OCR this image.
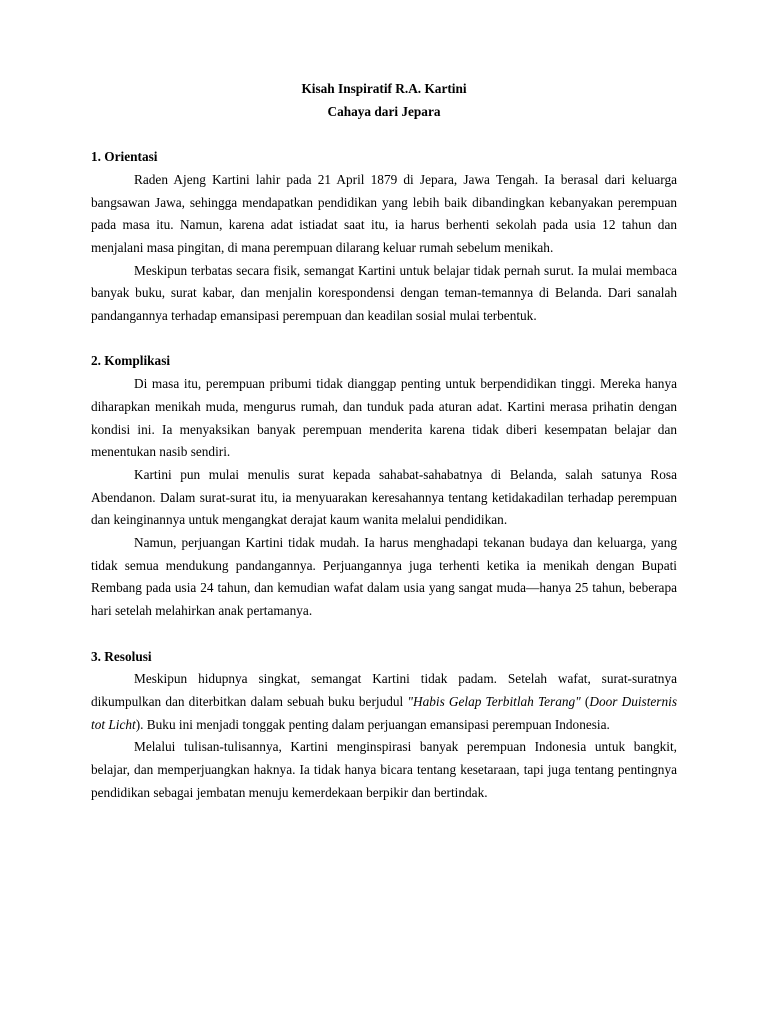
Kisah Inspiratif R.A. Kartini
Cahaya dari Jepara
1. Orientasi

Raden Ajeng Kartini lahir pada 21 April 1879 di Jepara, Jawa Tengah. Ia berasal dari keluarga bangsawan Jawa, sehingga mendapatkan pendidikan yang lebih baik dibandingkan kebanyakan perempuan pada masa itu. Namun, karena adat istiadat saat itu, ia harus berhenti sekolah pada usia 12 tahun dan menjalani masa pingitan, di mana perempuan dilarang keluar rumah sebelum menikah.

Meskipun terbatas secara fisik, semangat Kartini untuk belajar tidak pernah surut. Ia mulai membaca banyak buku, surat kabar, dan menjalin korespondensi dengan teman-temannya di Belanda. Dari sanalah pandangannya terhadap emansipasi perempuan dan keadilan sosial mulai terbentuk.

2. Komplikasi

Di masa itu, perempuan pribumi tidak dianggap penting untuk berpendidikan tinggi. Mereka hanya diharapkan menikah muda, mengurus rumah, dan tunduk pada aturan adat. Kartini merasa prihatin dengan kondisi ini. Ia menyaksikan banyak perempuan menderita karena tidak diberi kesempatan belajar dan menentukan nasib sendiri.

Kartini pun mulai menulis surat kepada sahabat-sahabatnya di Belanda, salah satunya Rosa Abendanon. Dalam surat-surat itu, ia menyuarakan keresahannya tentang ketidakadilan terhadap perempuan dan keinginannya untuk mengangkat derajat kaum wanita melalui pendidikan.

Namun, perjuangan Kartini tidak mudah. Ia harus menghadapi tekanan budaya dan keluarga, yang tidak semua mendukung pandangannya. Perjuangannya juga terhenti ketika ia menikah dengan Bupati Rembang pada usia 24 tahun, dan kemudian wafat dalam usia yang sangat muda—hanya 25 tahun, beberapa hari setelah melahirkan anak pertamanya.

3. Resolusi

Meskipun hidupnya singkat, semangat Kartini tidak padam. Setelah wafat, surat-suratnya dikumpulkan dan diterbitkan dalam sebuah buku berjudul "Habis Gelap Terbitlah Terang" (Door Duisternis tot Licht). Buku ini menjadi tonggak penting dalam perjuangan emansipasi perempuan Indonesia.

Melalui tulisan-tulisannya, Kartini menginspirasi banyak perempuan Indonesia untuk bangkit, belajar, dan memperjuangkan haknya. Ia tidak hanya bicara tentang kesetaraan, tapi juga tentang pentingnya pendidikan sebagai jembatan menuju kemerdekaan berpikir dan bertindak.
